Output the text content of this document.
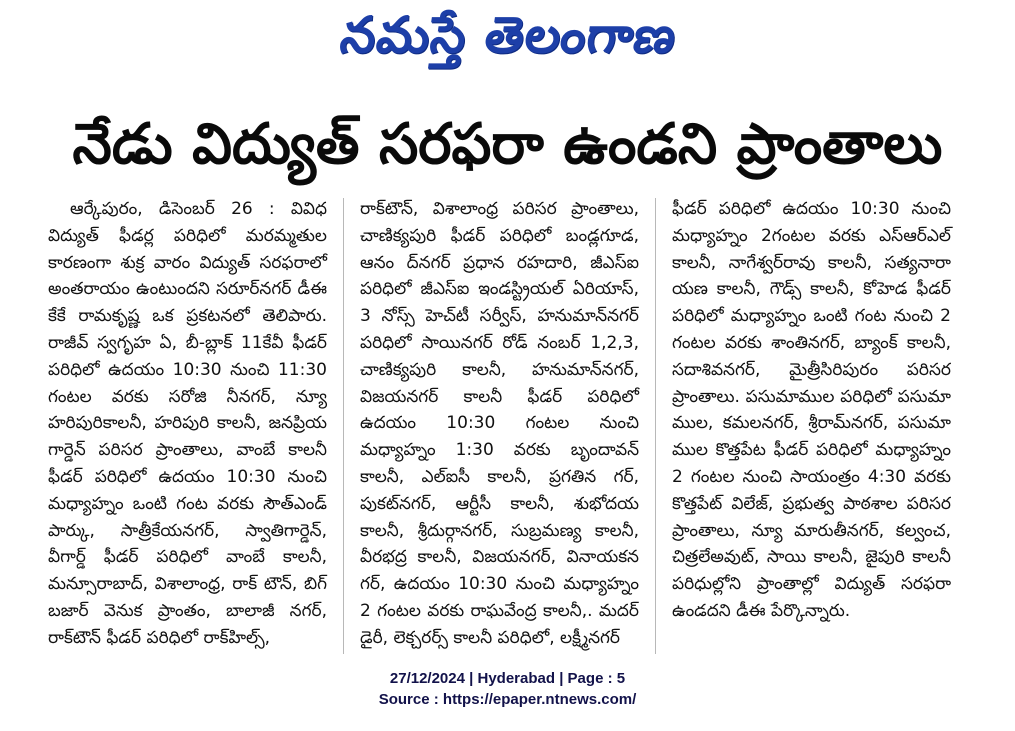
నమస్తే తెలంగాణ
నేడు విద్యుత్ సరఫరా ఉండని ప్రాంతాలు
ఆర్కేపురం, డిసెంబర్ 26 : వివిధ విద్యుత్ ఫీడర్ల పరిధిలో మరమ్మతుల కారణంగా శుక్ర వారం విద్యుత్ సరఫరాలో అంతరాయం ఉంటుందని సరూర్‌నగర్ డీఈ కేకే రామకృష్ణ ఒక ప్రకటనలో తెలిపారు. రాజీవ్ స్వగృహ ఏ, బీ-బ్లాక్ 11కేవీ ఫీడర్ పరిధిలో ఉదయం 10:30 నుంచి 11:30 గంటల వరకు సరోజి నీనగర్, న్యూ హరిపురికాలనీ, హరిపురి కాలనీ, జనప్రియ గార్డెన్ పరిసర ప్రాంతాలు, వాంబే కాలనీ ఫీడర్ పరిధిలో ఉదయం 10:30 నుంచి మధ్యాహ్నం ఒంటి గంట వరకు సౌత్‌ఎండ్ పార్కు, సాత్రీకేయనగర్, స్వాతిగార్డెన్, వీగార్డ్ ఫీడర్ పరిధిలో వాంబే కాలనీ, మన్సూరాబాద్, విశాలాంధ్ర, రాక్ టౌన్, బిగ్ బజార్ వెనుక ప్రాంతం, బాలాజీ నగర్, రాక్‌టౌన్ ఫీడర్ పరిధిలో రాక్‌హిల్స్,
రాక్‌టౌన్, విశాలాంధ్ర పరిసర ప్రాంతాలు, చాణిక్యపురి ఫీడర్ పరిధిలో బండ్లగూడ, ఆనం ద్‌నగర్ ప్రధాన రహదారి, జీఎస్ఐ పరిధిలో జీఎస్ఐ ఇండస్ట్రియల్ ఏరియాస్, 3 నోస్స్ హెచ్‌టీ సర్వీస్, హనుమాన్‌నగర్ పరిధిలో సాయినగర్ రోడ్ నంబర్ 1,2,3, చాణిక్యపురి కాలనీ, హనుమాన్‌నగర్, విజయనగర్ కాలనీ ఫీడర్ పరిధిలో ఉదయం 10:30 గంటల నుంచి మధ్యాహ్నం 1:30 వరకు బృందావన్ కాలనీ, ఎల్ఐసీ కాలనీ, ప్రగతిన గర్, పుకట్‌నగర్, ఆర్టీసీ కాలనీ, శుభోదయ కాలనీ, శ్రీదుర్గానగర్, సుబ్రమణ్య కాలనీ, వీరభద్ర కాలనీ, విజయనగర్, వినాయకన గర్, ఉదయం 10:30 నుంచి మధ్యాహ్నం 2 గంటల వరకు రాఘవేంద్ర కాలనీ,. మదర్ డైరీ, లెక్చరర్స్ కాలనీ పరిధిలో, లక్ష్మీనగర్
ఫీడర్ పరిధిలో ఉదయం 10:30 నుంచి మధ్యాహ్నం 2గంటల వరకు ఎస్ఆర్ఎల్ కాలనీ, నాగేశ్వర్‌రావు కాలనీ, సత్యనారా యణ కాలనీ, గౌడ్స్ కాలనీ, కోహెడ ఫీడర్ పరిధిలో మధ్యాహ్నం ఒంటి గంట నుంచి 2 గంటల వరకు శాంతినగర్, బ్యాంక్ కాలనీ, సదాశివనగర్, మైత్రీసిరిపురం పరిసర ప్రాంతాలు. పసుమాముల పరిధిలో పసుమా ముల, కమలనగర్, శ్రీరామ్‌నగర్, పసుమా ముల కొత్తపేట ఫీడర్ పరిధిలో మధ్యాహ్నం 2 గంటల నుంచి సాయంత్రం 4:30 వరకు కొత్తపేట్ విలేజ్, ప్రభుత్వ పాఠశాల పరిసర ప్రాంతాలు, న్యూ మారుతీనగర్, కల్వంచ, చిత్రలేఅవుట్, సాయి కాలనీ, జైపురి కాలనీ పరిధుల్లోని ప్రాంతాల్లో విద్యుత్ సరఫరా ఉండదని డీఈ పేర్కొన్నారు.
27/12/2024 | Hyderabad | Page : 5
Source : https://epaper.ntnews.com/
